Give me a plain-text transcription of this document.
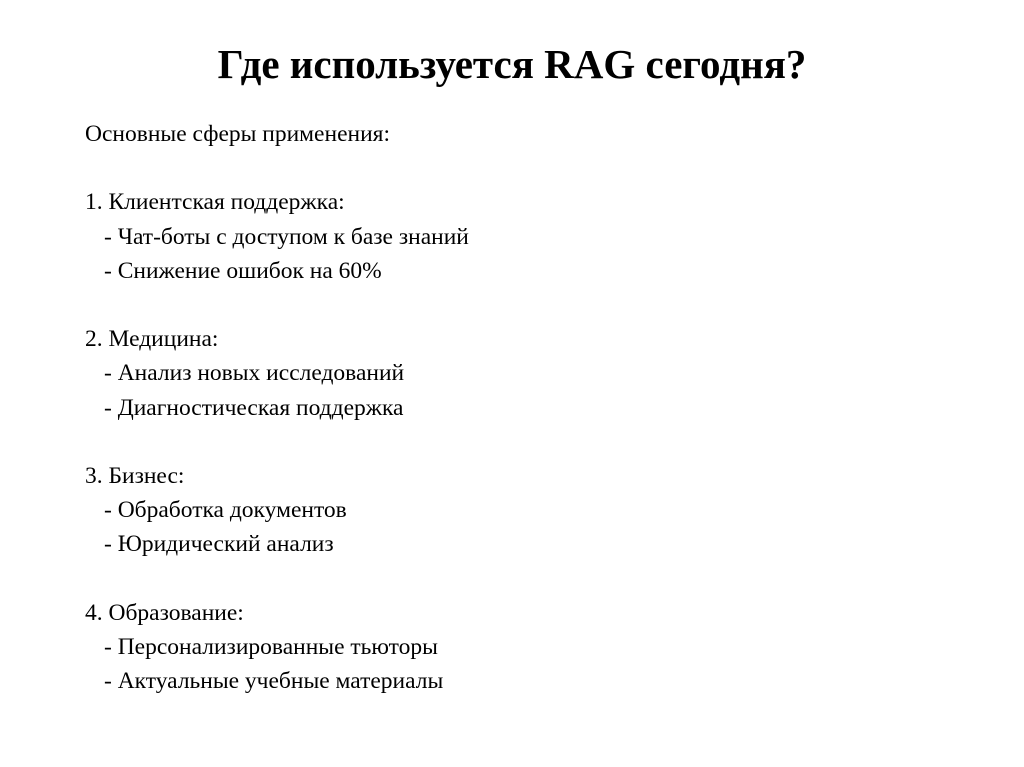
Где используется RAG сегодня?
Основные сферы применения:
1. Клиентская поддержка:
- Чат-боты с доступом к базе знаний
- Снижение ошибок на 60%
2. Медицина:
- Анализ новых исследований
- Диагностическая поддержка
3. Бизнес:
- Обработка документов
- Юридический анализ
4. Образование:
- Персонализированные тьюторы
- Актуальные учебные материалы
